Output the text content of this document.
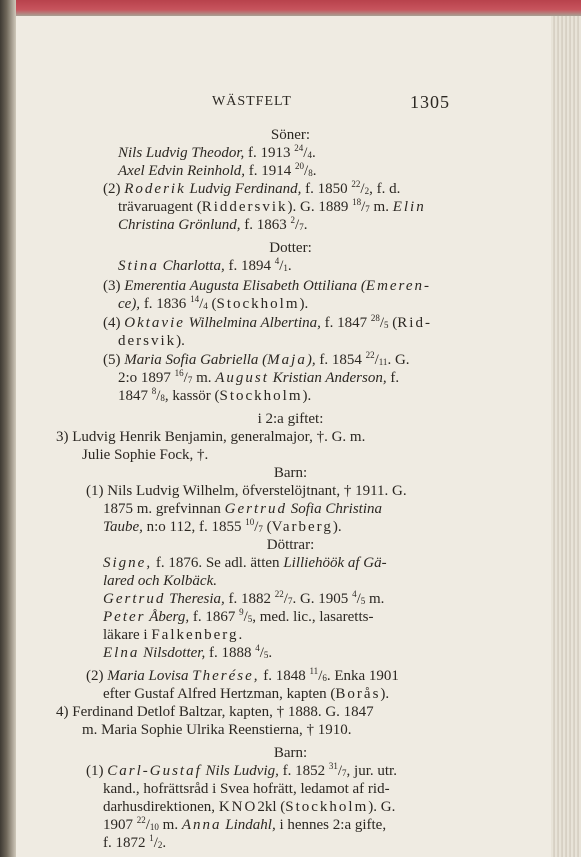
WÄSTFELT	1305
Söner:
Nils Ludvig Theodor, f. 1913 $^{24}/_4$.
Axel Edvin Reinhold, f. 1914 $^{20}/_8$.
(2) Roderik Ludvig Ferdinand, f. 1850 $^{22}/_2$, f. d.
trävaruagent (Riddersvik). G. 1889 $^{18}/_7$ m. Elin
Christina Grönlund, f. 1863 $^2/_7$.
Dotter:
Stina Charlotta, f. 1894 $^4/_1$.
(3) Emerentia Augusta Elisabeth Ottiliana (Emeren-
ce), f. 1836 $^{14}/_4$ (Stockholm).
(4) Oktavie Wilhelmina Albertina, f. 1847 $^{28}/_5$ (Rid-
dersvik).
(5) Maria Sofia Gabriella (Maja), f. 1854 $^{22}/_{11}$. G.
2:o 1897 $^{16}/_7$ m. August Kristian Anderson, f.
1847 $^8/_8$, kassör (Stockholm).
i 2:a giftet:
3) Ludvig Henrik Benjamin, generalmajor, †. G. m.
Julie Sophie Fock, †.
Barn:
(1) Nils Ludvig Wilhelm, öfverstelöjtnant, † 1911. G.
1875 m. grefvinnan Gertrud Sofia Christina
Taube, n:o 112, f. 1855 $^{10}/_7$ (Varberg).
Döttrar:
Signe, f. 1876. Se adl. ätten Lilliehöök af Gä-
lared och Kolbäck.
Gertrud Theresia, f. 1882 $^{22}/_7$. G. 1905 $^4/_5$ m.
Peter Åberg, f. 1867 $^9/_5$, med. lic., lasaretts-
läkare i Falkenberg.
Elna Nilsdotter, f. 1888 $^4/_5$.
(2) Maria Lovisa Therése, f. 1848 $^{11}/_6$. Enka 1901
efter Gustaf Alfred Hertzman, kapten (Borås).
4) Ferdinand Detlof Baltzar, kapten, † 1888. G. 1847
m. Maria Sophie Ulrika Reenstierna, † 1910.
Barn:
(1) Carl-Gustaf Nils Ludvig, f. 1852 $^{31}/_7$, jur. utr.
kand., hofrättsråd i Svea hofrätt, ledamot af rid-
darhusdirektionen, KNO2kl (Stockholm). G.
1907 $^{22}/_{10}$ m. Anna Lindahl, i hennes 2:a gifte,
f. 1872 $^1/_2$.
